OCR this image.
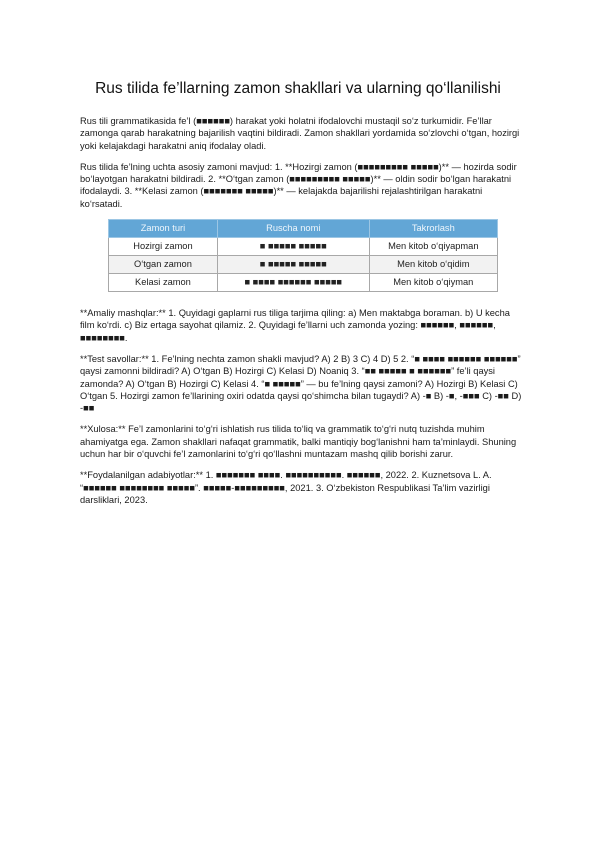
Rus tilida fe’llarning zamon shakllari va ularning qo‘llanilishi

Rus tili grammatikasida fe’l (■■■■■■) harakat yoki holatni ifodalovchi mustaqil so‘z turkumidir. Fe’llar zamonga qarab harakatning bajarilish vaqtini bildiradi. Zamon shakllari yordamida so‘zlovchi o‘tgan, hozirgi yoki kelajakdagi harakatni aniq ifodalay oladi.

Rus tilida fe’lning uchta asosiy zamoni mavjud: 1. **Hozirgi zamon (■■■■■■■■■ ■■■■■)** — hozirda sodir bo‘layotgan harakatni bildiradi. 2. **O‘tgan zamon (■■■■■■■■■ ■■■■■)** — oldin sodir bo‘lgan harakatni ifodalaydi. 3. **Kelasi zamon (■■■■■■■ ■■■■■)** — kelajakda bajarilishi rejalashtirilgan harakatni ko‘rsatadi.

Zamon turi	Ruscha nomi	Takrorlash
Hozirgi zamon	■ ■■■■■ ■■■■■	Men kitob o‘qiyapman
O‘tgan zamon	■ ■■■■■ ■■■■■	Men kitob o‘qidim
Kelasi zamon	■ ■■■■ ■■■■■■ ■■■■■	Men kitob o‘qiyman

**Amaliy mashqlar:** 1. Quyidagi gaplarni rus tiliga tarjima qiling: a) Men maktabga boraman. b) U kecha film ko‘rdi. c) Biz ertaga sayohat qilamiz. 2. Quyidagi fe’llarni uch zamonda yozing: ■■■■■■, ■■■■■■, ■■■■■■■■.

**Test savollar:** 1. Fe’lning nechta zamon shakli mavjud? A) 2 B) 3 C) 4 D) 5 2. “■ ■■■■ ■■■■■■ ■■■■■■” qaysi zamonni bildiradi? A) O‘tgan B) Hozirgi C) Kelasi D) Noaniq 3. “■■ ■■■■■ ■ ■■■■■■” fe’li qaysi zamonda? A) O‘tgan B) Hozirgi C) Kelasi 4. “■ ■■■■■” — bu fe’lning qaysi zamoni? A) Hozirgi B) Kelasi C) O‘tgan 5. Hozirgi zamon fe’llarining oxiri odatda qaysi qo‘shimcha bilan tugaydi? A) -■ B) -■, -■■■ C) -■■ D) -■■

**Xulosa:** Fe’l zamonlarini to‘g‘ri ishlatish rus tilida to‘liq va grammatik to‘g‘ri nutq tuzishda muhim ahamiyatga ega. Zamon shakllari nafaqat grammatik, balki mantiqiy bog‘lanishni ham ta’minlaydi. Shuning uchun har bir o‘quvchi fe’l zamonlarini to‘g‘ri qo‘llashni muntazam mashq qilib borishi zarur.

**Foydalanilgan adabiyotlar:** 1. ■■■■■■■ ■■■■. ■■■■■■■■■■. ■■■■■■, 2022. 2. Kuznetsova L. A. “■■■■■■ ■■■■■■■■ ■■■■■”. ■■■■■-■■■■■■■■■, 2021. 3. O‘zbekiston Respublikasi Ta’lim vazirligi darsliklari, 2023.
